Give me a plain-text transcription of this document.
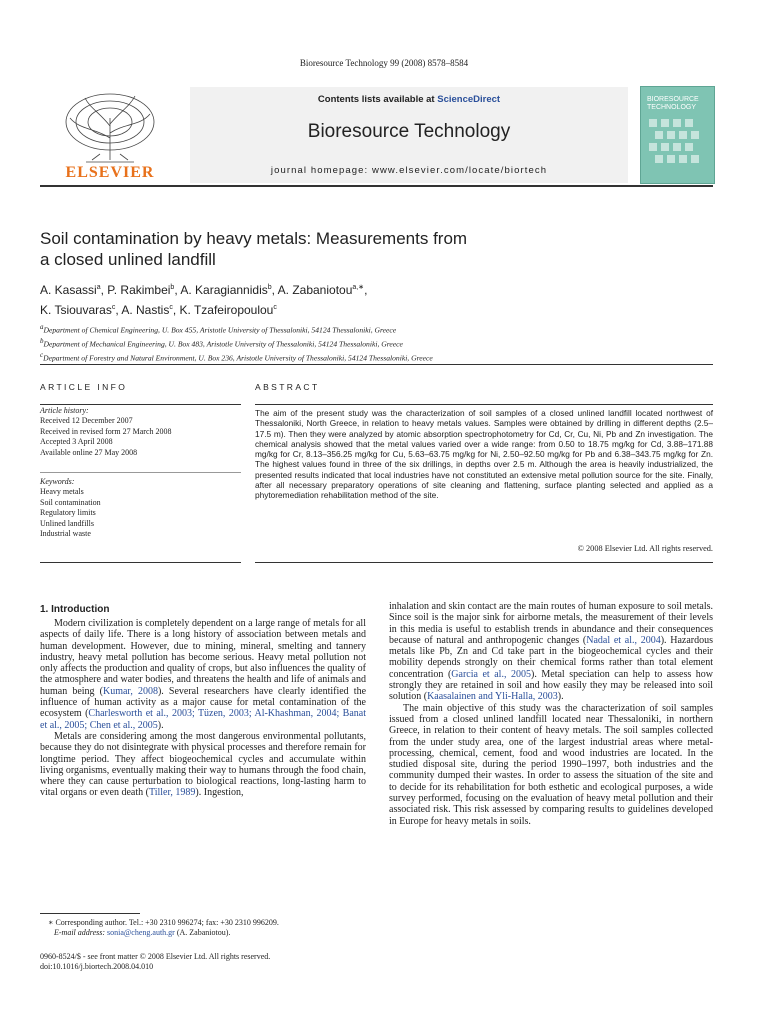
Bioresource Technology 99 (2008) 8578–8584
ELSEVIER
Contents lists available at ScienceDirect
Bioresource Technology
journal homepage: www.elsevier.com/locate/biortech
BIORESOURCE TECHNOLOGY
Soil contamination by heavy metals: Measurements from
a closed unlined landfill
A. Kasassi$^a$, P. Rakimbei$^b$, A. Karagiannidis$^b$, A. Zabaniotou$^{a,∗}$,
K. Tsiouvaras$^c$, A. Nastis$^c$, K. Tzafeiropoulou$^c$
$^a$Department of Chemical Engineering, U. Box 455, Aristotle University of Thessaloniki, 54124 Thessaloniki, Greece
$^b$Department of Mechanical Engineering, U. Box 483, Aristotle University of Thessaloniki, 54124 Thessaloniki, Greece
$^c$Department of Forestry and Natural Environment, U. Box 236, Aristotle University of Thessaloniki, 54124 Thessaloniki, Greece
ARTICLE INFO	ABSTRACT
Article history:
Received 12 December 2007
Received in revised form 27 March 2008
Accepted 3 April 2008
Available online 27 May 2008
Keywords:
Heavy metals
Soil contamination
Regulatory limits
Unlined landfills
Industrial waste
The aim of the present study was the characterization of soil samples of a closed unlined landfill located northwest of Thessaloniki, North Greece, in relation to heavy metals values. Samples were obtained by drilling in different depths (2.5–17.5 m). Then they were analyzed by atomic absorption spectrophotometry for Cd, Cr, Cu, Ni, Pb and Zn investigation. The chemical analysis showed that the metal values varied over a wide range: from 0.50 to 18.75 mg/kg for Cd, 3.88–171.88 mg/kg for Cr, 8.13–356.25 mg/kg for Cu, 5.63–63.75 mg/kg for Ni, 2.50–92.50 mg/kg for Pb and 6.38–343.75 mg/kg for Zn. The highest values found in three of the six drillings, in depths over 2.5 m. Although the area is heavily industrialized, the presented results indicated that local industries have not constituted an extensive metal pollution source for the site. Finally, after all necessary preparatory operations of site cleaning and flattening, surface planting selected and applied as a phytoremediation rehabilitation method of the site.
© 2008 Elsevier Ltd. All rights reserved.
1. Introduction

Modern civilization is completely dependent on a large range of metals for all aspects of daily life. There is a long history of association between metals and human development. However, due to mining, mineral, smelting and tannery industry, heavy metal pollution has become serious. Heavy metal pollution not only affects the production and quality of crops, but also influences the quality of the atmosphere and water bodies, and threatens the health and life of animals and human being (Kumar, 2008). Several researchers have clearly identified the influence of human activity as a major cause for metal contamination of the ecosystem (Charlesworth et al., 2003; Tüzen, 2003; Al-Khashman, 2004; Banat et al., 2005; Chen et al., 2005).

Metals are considering among the most dangerous environmental pollutants, because they do not disintegrate with physical processes and therefore remain for longtime period. They affect biogeochemical cycles and accumulate within living organisms, eventually making their way to humans through the food chain, where they can cause perturbation to biological reactions, long-lasting harm to vital organs or even death (Tiller, 1989). Ingestion,

inhalation and skin contact are the main routes of human exposure to soil metals. Since soil is the major sink for airborne metals, the measurement of their levels in this media is useful to establish trends in abundance and their consequences because of natural and anthropogenic changes (Nadal et al., 2004). Hazardous metals like Pb, Zn and Cd take part in the biogeochemical cycles and their mobility depends strongly on their chemical forms rather than total element concentration (Garcia et al., 2005). Metal speciation can help to assess how strongly they are retained in soil and how easily they may be released into soil solution (Kaasalainen and Yli-Halla, 2003).

The main objective of this study was the characterization of soil samples issued from a closed unlined landfill located near Thessaloniki, in northern Greece, in relation to their content of heavy metals. The soil samples collected from the under study area, one of the largest industrial areas where metal-processing, chemical, cement, food and wood industries are located. In the studied disposal site, during the period 1990–1997, both industries and the community dumped their wastes. In order to assess the situation of the site and to decide for its rehabilitation for both esthetic and ecological purposes, a wide survey performed, focusing on the evaluation of heavy metal pollution and their associated risk. This risk assessed by comparing results to guidelines developed in Europe for heavy metals in soils.

∗ Corresponding author. Tel.: +30 2310 996274; fax: +30 2310 996209.
E-mail address: sonia@cheng.auth.gr (A. Zabaniotou).
0960-8524/$ - see front matter © 2008 Elsevier Ltd. All rights reserved.
doi:10.1016/j.biortech.2008.04.010
